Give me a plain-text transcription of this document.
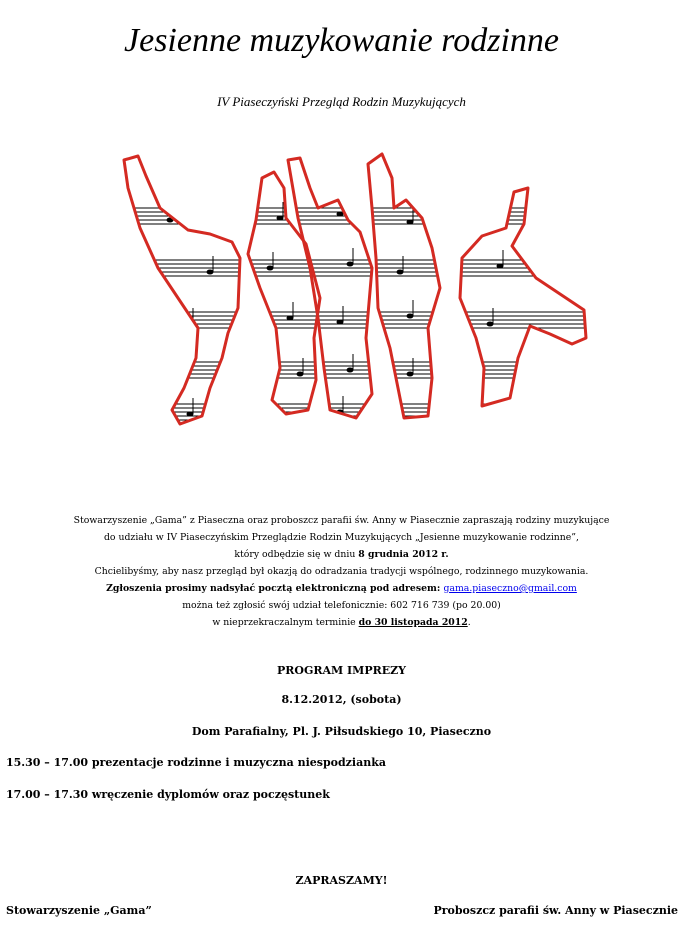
Jesienne muzykowanie rodzinne
IV Piaseczyński Przegląd Rodzin Muzykujących

Stowarzyszenie „Gama” z Piaseczna oraz proboszcz parafii św. Anny w Piasecznie zapraszają rodziny muzykujące

do udziału w IV Piaseczyńskim Przeglądzie Rodzin Muzykujących „Jesienne muzykowanie rodzinne”,

który odbędzie się w dniu 8 grudnia 2012 r.

Chcielibyśmy, aby nasz przegląd był okazją do odradzania tradycji wspólnego, rodzinnego muzykowania.

Zgłoszenia prosimy nadsyłać pocztą elektroniczną pod adresem: gama.piaseczno@gmail.com

można też zgłosić swój udział telefonicznie: 602 716 739 (po 20.00)

w nieprzekraczalnym terminie do 30 listopada 2012.

PROGRAM IMPREZY
8.12.2012, (sobota)
Dom Parafialny, Pl. J. Piłsudskiego 10, Piaseczno
15.30 – 17.00 prezentacje rodzinne i muzyczna niespodzianka
17.00 – 17.30 wręczenie dyplomów oraz poczęstunek
ZAPRASZAMY!
Stowarzyszenie „Gama”	Proboszcz parafii św. Anny w Piasecznie
